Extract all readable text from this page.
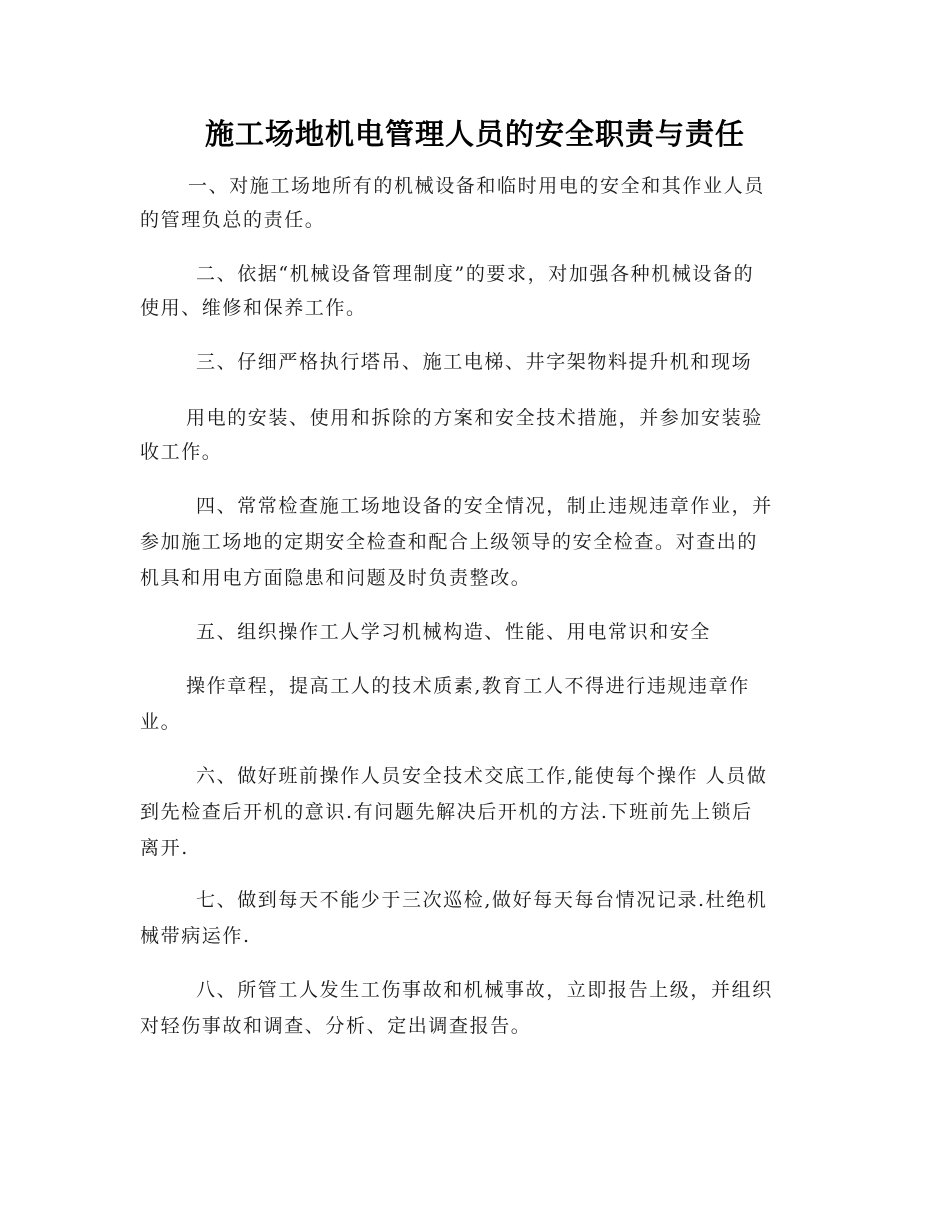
施工场地机电管理人员的安全职责与责任
一、对施工场地所有的机械设备和临时用电的安全和其作业人员
的管理负总的责任。
二、依据“机械设备管理制度”的要求，对加强各种机械设备的
使用、维修和保养工作。
三、仔细严格执行塔吊、施工电梯、井字架物料提升机和现场
用电的安装、使用和拆除的方案和安全技术措施，并参加安装验
收工作。
四、常常检查施工场地设备的安全情况，制止违规违章作业，并
参加施工场地的定期安全检查和配合上级领导的安全检查。对查出的
机具和用电方面隐患和问题及时负责整改。
五、组织操作工人学习机械构造、性能、用电常识和安全
操作章程，提高工人的技术质素,教育工人不得进行违规违章作
业。
六、做好班前操作人员安全技术交底工作,能使每个操作 人员做
到先检查后开机的意识.有问题先解决后开机的方法.下班前先上锁后
离开.
七、做到每天不能少于三次巡检,做好每天每台情况记录.杜绝机
械带病运作.
八、所管工人发生工伤事故和机械事故，立即报告上级，并组织
对轻伤事故和调查、分析、定出调查报告。
